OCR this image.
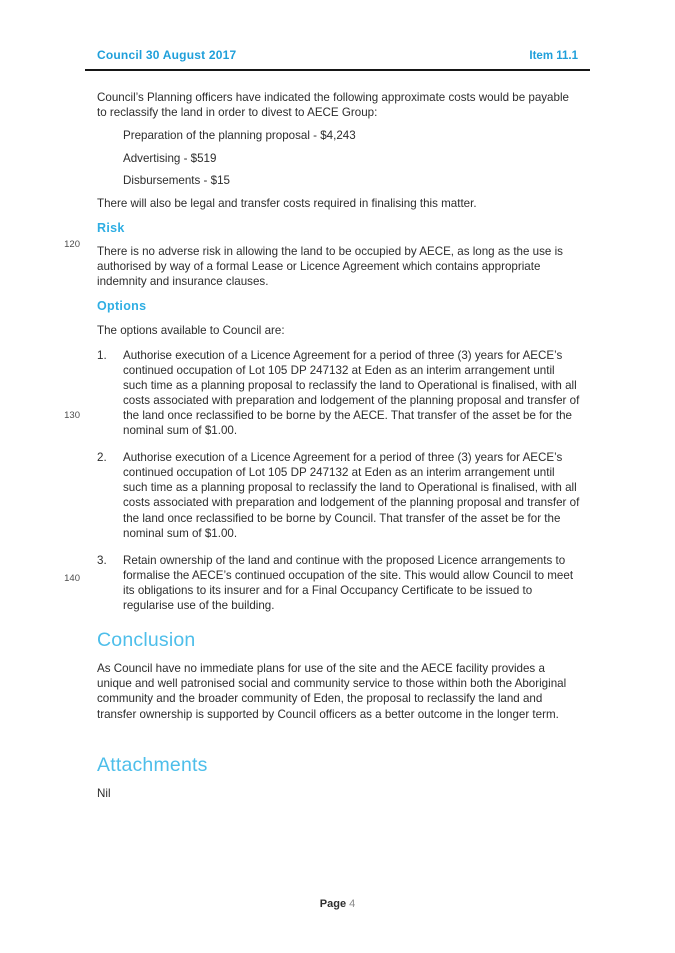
Council 30 August 2017	Item 11.1
120
130
140

Council’s Planning officers have indicated the following approximate costs would be payable to reclassify the land in order to divest to AECE Group:

Preparation of the planning proposal - $4,243

Advertising - $519

Disbursements - $15

There will also be legal and transfer costs required in finalising this matter.

Risk

There is no adverse risk in allowing the land to be occupied by AECE, as long as the use is authorised by way of a formal Lease or Licence Agreement which contains appropriate indemnity and insurance clauses.

Options

The options available to Council are:

1.	Authorise execution of a Licence Agreement for a period of three (3) years for AECE’s continued occupation of Lot 105 DP 247132 at Eden as an interim arrangement until such time as a planning proposal to reclassify the land to Operational is finalised, with all costs associated with preparation and lodgement of the planning proposal and transfer of the land once reclassified to be borne by the AECE. That transfer of the asset be for the nominal sum of $1.00.
2.	Authorise execution of a Licence Agreement for a period of three (3) years for AECE’s continued occupation of Lot 105 DP 247132 at Eden as an interim arrangement until such time as a planning proposal to reclassify the land to Operational is finalised, with all costs associated with preparation and lodgement of the planning proposal and transfer of the land once reclassified to be borne by Council. That transfer of the asset be for the nominal sum of $1.00.
3.	Retain ownership of the land and continue with the proposed Licence arrangements to formalise the AECE’s continued occupation of the site. This would allow Council to meet its obligations to its insurer and for a Final Occupancy Certificate to be issued to regularise use of the building.
Conclusion

As Council have no immediate plans for use of the site and the AECE facility provides a unique and well patronised social and community service to those within both the Aboriginal community and the broader community of Eden, the proposal to reclassify the land and transfer ownership is supported by Council officers as a better outcome in the longer term.

Attachments

Nil

Page 4
